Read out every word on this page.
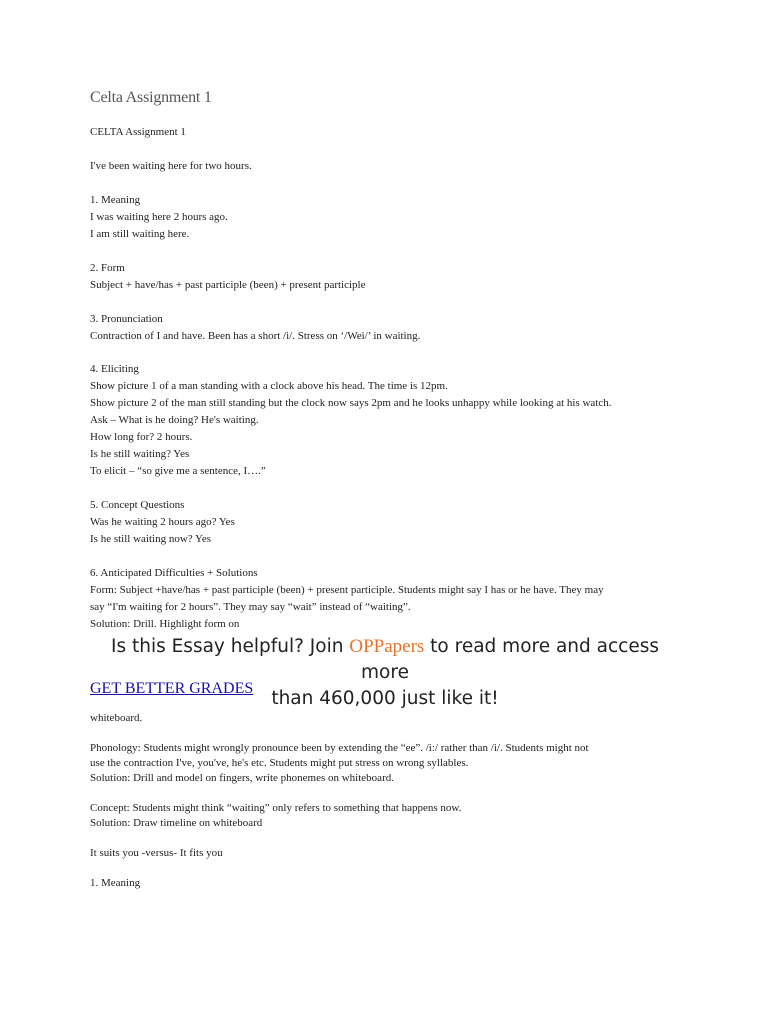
Celta Assignment 1
CELTA Assignment 1
I've been waiting here for two hours.
1. Meaning
I was waiting here 2 hours ago.
I am still waiting here.
2. Form
Subject + have/has + past participle (been) + present participle
3. Pronunciation
Contraction of I and have. Been has a short /i/. Stress on ‘/Wei/’ in waiting.
4. Eliciting
Show picture 1 of a man standing with a clock above his head. The time is 12pm.
Show picture 2 of the man still standing but the clock now says 2pm and he looks unhappy while looking at his watch.
Ask – What is he doing? He's waiting.
How long for? 2 hours.
Is he still waiting? Yes
To elicit – “so give me a sentence, I….”
5. Concept Questions
Was he waiting 2 hours ago? Yes
Is he still waiting now? Yes
6. Anticipated Difficulties + Solutions
Form: Subject +have/has + past participle (been) + present participle. Students might say I has or he have. They may
say “I'm waiting for 2 hours”. They may say “wait” instead of “waiting”.
Solution: Drill. Highlight form on
Is this Essay helpful? Join OPPapers to read more and access more
than 460,000 just like it!
GET BETTER GRADES
whiteboard.
Phonology: Students might wrongly pronounce been by extending the “ee”. /i:/ rather than /i/. Students might not
use the contraction I've, you've, he's etc. Students might put stress on wrong syllables.
Solution: Drill and model on fingers, write phonemes on whiteboard.
Concept: Students might think “waiting” only refers to something that happens now.
Solution: Draw timeline on whiteboard
It suits you -versus- It fits you
1. Meaning
